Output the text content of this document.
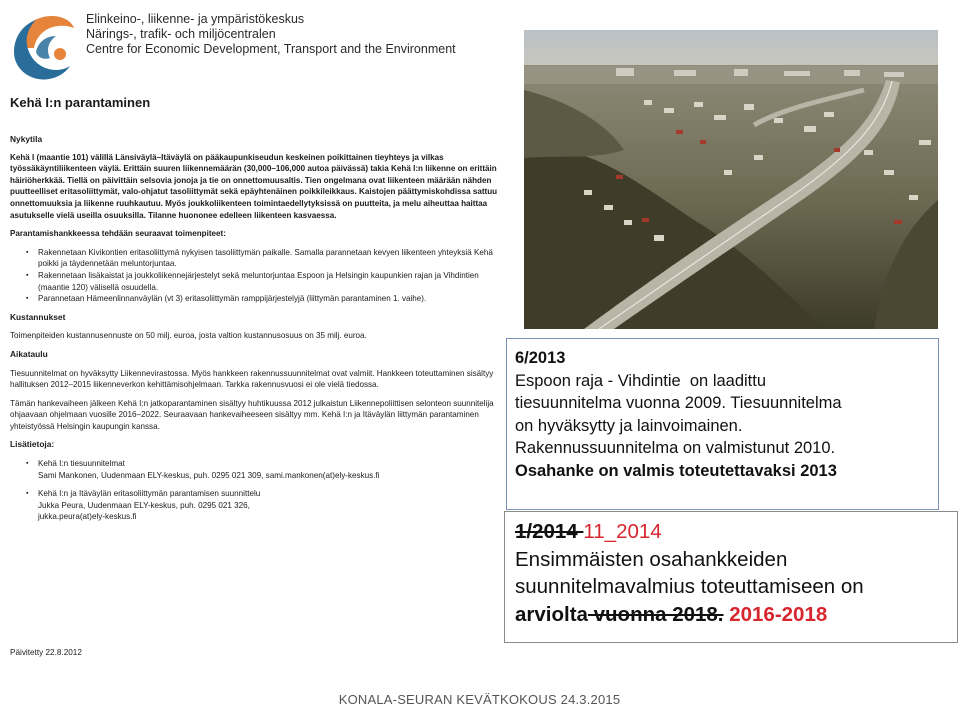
Elinkeino-, liikenne- ja ympäristökeskus
Närings-, trafik- och miljöcentralen
Centre for Economic Development, Transport and the Environment
Kehä I:n parantaminen
Nykytila

Kehä I (maantie 101) välillä Länsiväylä–Itäväylä on pääkaupunkiseudun keskeinen poikittainen tieyhteys ja vilkas työssäkäyntiliikenteen väylä. Erittäin suuren liikennemäärän (30,000–106,000 autoa päivässä) takia Kehä I:n liikenne on erittäin häiriöherkkää. Tiellä on päivittäin selsovia jonoja ja tie on onnettomuusaltis. Tien ongelmana ovat liikenteen määrään nähden puutteelliset eritasoliittymät, valo-ohjatut tasoliittymät sekä epäyhtenäinen poikkileikkaus. Kaistojen päättymiskohdissa sattuu onnettomuuksia ja liikenne ruuhkautuu. Myös joukkoliikenteen toimintaedellytyksissä on puutteita, ja melu aiheuttaa haittaa asutukselle vielä useilla osuuksilla. Tilanne huononee edelleen liikenteen kasvaessa.

Parantamishankkeessa tehdään seuraavat toimenpiteet:

▪ Rakennetaan Kivikontien eritasoliittymä nykyisen tasoliittymän paikalle. Samalla parannetaan kevyen liikenteen yhteyksiä Kehä poikki ja täydennetään meluntorjuntaa.
▪ Rakennetaan lisäkaistat ja joukkoliikennejärjestelyt sekä meluntorjuntaa Espoon ja Helsingin kaupunkien rajan ja Vihdintien (maantie 120) välisellä osuudella.
▪ Parannetaan Hämeenlinnanväylän (vt 3) eritasoliittymän ramppijärjestelyjä (liittymän parantaminen 1. vaihe).
Kustannukset

Toimenpiteiden kustannusennuste on 50 milj. euroa, josta valtion kustannusosuus on 35 milj. euroa.

Aikataulu

Tiesuunnitelmat on hyväksytty Liikennevirastossa. Myös hankkeen rakennussuunnitelmat ovat valmiit. Hankkeen toteuttaminen sisältyy hallituksen 2012–2015 liikenneverkon kehittämisohjelmaan. Tarkka rakennusvuosi ei ole vielä tiedossa.

Tämän hankevaiheen jälkeen Kehä I:n jatkoparantaminen sisältyy huhtikuussa 2012 julkaistun Liikennepoliittisen selonteon suunnitelija ohjaavaan ohjelmaan vuosille 2016–2022. Seuraavaan hankevaiheeseen sisältyy mm. Kehä I:n ja Itäväylän liittymän parantaminen yhteistyössä Helsingin kaupungin kanssa.

Lisätietoja:
▪ Kehä I:n tiesuunnitelmat
Sami Mankonen, Uudenmaan ELY-keskus, puh. 0295 021 309, sami.mankonen(at)ely-keskus.fi
▪ Kehä I:n ja Itäväylän eritasoliittymän parantamisen suunnittelu
Jukka Peura, Uudenmaan ELY-keskus, puh. 0295 021 326,
jukka.peura(at)ely-keskus.fi
Päivitetty 22.8.2012
6/2013
Espoon raja - Vihdintie  on laadittu
tiesuunnitelma vuonna 2009. Tiesuunnitelma
on hyväksytty ja lainvoimainen.
Rakennussuunnitelma on valmistunut 2010.
Osahanke on valmis toteutettavaksi 2013
1/2014 11_2014
Ensimmäisten osahankkeiden
suunnitelmavalmius toteuttamiseen on
arviolta vuonna 2018. 2016-2018
KONALA-SEURAN KEVÄTKOKOUS 24.3.2015
